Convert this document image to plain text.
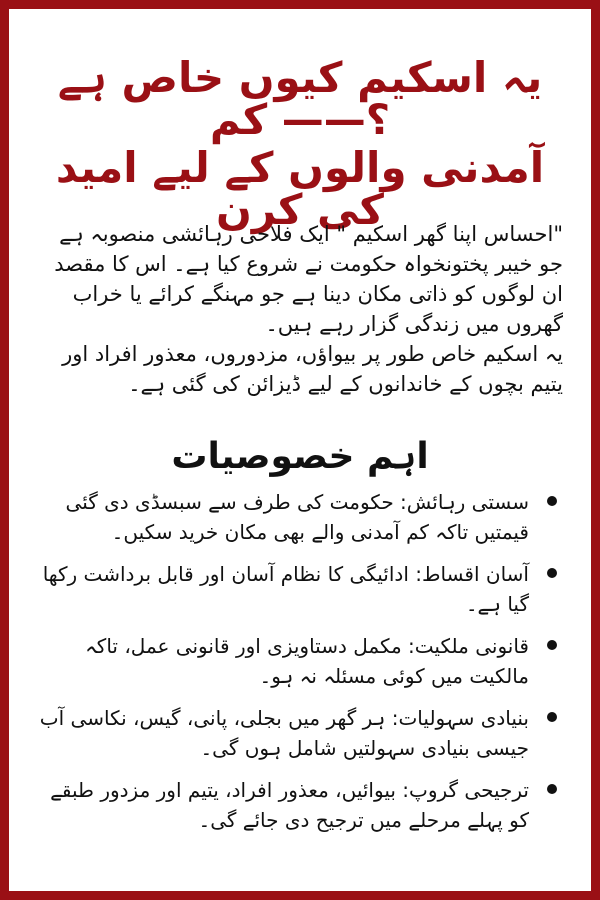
یہ اسکیم کیوں خاص ہے ؟—— کم
آمدنی والوں کے لیے امید کی کرن

"احساس اپنا گھر اسکیم " ایک فلاحی رہائشی منصوبہ ہے جو خیبر پختونخواہ حکومت نے شروع کیا ہے۔ اس کا مقصد ان لوگوں کو ذاتی مکان دینا ہے جو مہنگے کرائے یا خراب گھروں میں زندگی گزار رہے ہیں۔

یہ اسکیم خاص طور پر بیواؤں، مزدوروں، معذور افراد اور یتیم بچوں کے خاندانوں کے لیے ڈیزائن کی گئی ہے۔

اہم خصوصیات
سستی رہائش: حکومت کی طرف سے سبسڈی دی گئی قیمتیں تاکہ کم آمدنی والے بھی مکان خرید سکیں۔
آسان اقساط: ادائیگی کا نظام آسان اور قابل برداشت رکھا گیا ہے۔
قانونی ملکیت: مکمل دستاویزی اور قانونی عمل، تاکہ مالکیت میں کوئی مسئلہ نہ ہو۔
بنیادی سہولیات: ہر گھر میں بجلی، پانی، گیس، نکاسی آب جیسی بنیادی سہولتیں شامل ہوں گی۔
ترجیحی گروپ: بیوائیں، معذور افراد، یتیم اور مزدور طبقے کو پہلے مرحلے میں ترجیح دی جائے گی۔
